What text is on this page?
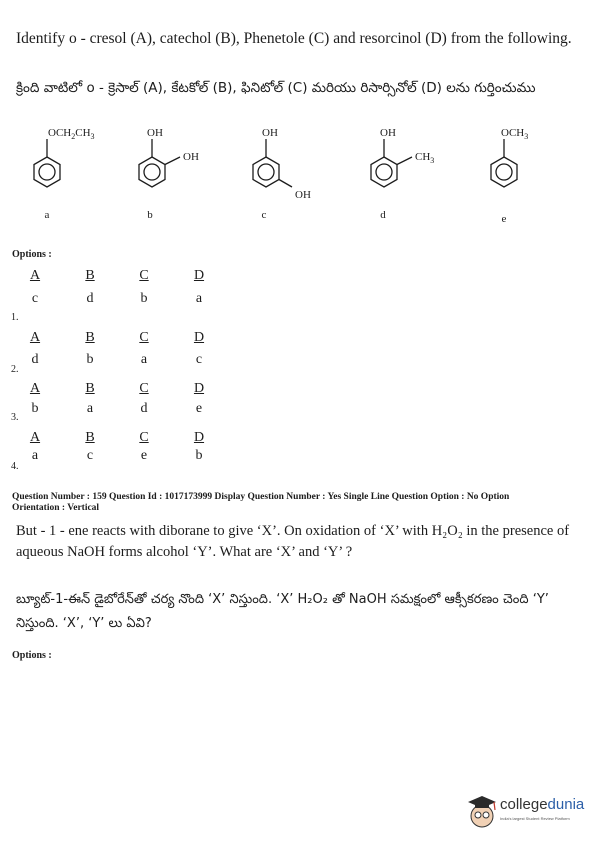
Identify o - cresol (A), catechol (B), Phenetole (C) and resorcinol (D) from the following.
క్రింది వాటిలో o - క్రెసాల్ (A), కేటకోల్ (B), ఫినిటోల్ (C) మరియు రిసార్సినోల్ (D) లను గుర్తించుము
$OCH_2CH_3$
a
OH
OH
b
OH
OH
c
OH
$CH_3$
d
$OCH_3$
e
Options :
A	B	C	D
c	d	b	a
1.
A	B	C	D
d	b	a	c
2.
A	B	C	D
b	a	d	e
3.
A	B	C	D
a	c	e	b
4.
Question Number : 159 Question Id : 1017173999 Display Question Number : Yes Single Line Question Option : No Option
Orientation : Vertical
But - 1 - ene reacts with diborane to give ‘X’. On oxidation of ‘X’ with H₂O₂ in the presence of aqueous NaOH forms alcohol ‘Y’. What are ‘X’ and ‘Y’ ?
బ్యూట్-1-ఈన్ డైబోరేన్‌తో చర్య నొంది ‘X’ నిస్తుంది. ‘X’ H₂O₂ తో NaOH సమక్షంలో ఆక్సీకరణం చెంది ‘Y’ నిస్తుంది. ‘X’, ‘Y’ లు ఏవి?
Options :
collegedunia
India's largest Student Review Platform
